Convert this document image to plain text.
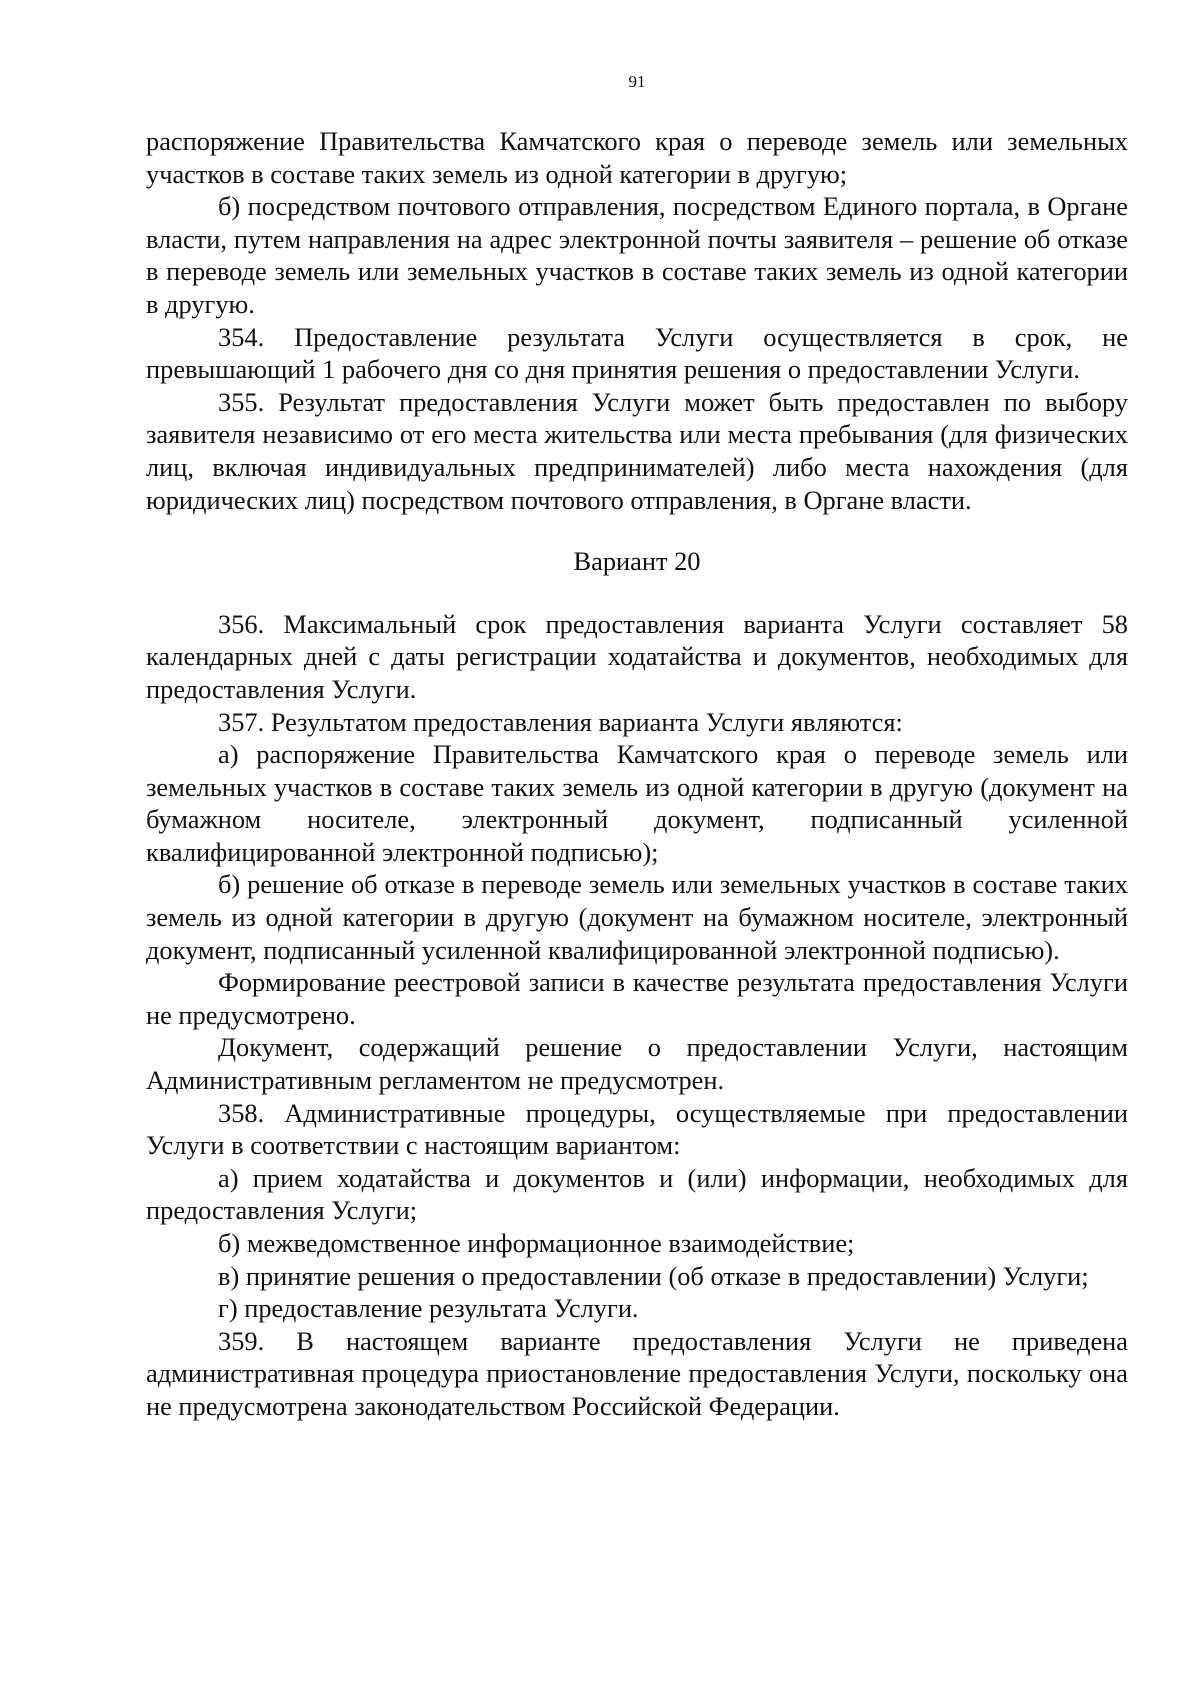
91

распоряжение Правительства Камчатского края о переводе земель или земельных участков в составе таких земель из одной категории в другую;

б) посредством почтового отправления, посредством Единого портала, в Органе власти, путем направления на адрес электронной почты заявителя – решение об отказе в переводе земель или земельных участков в составе таких земель из одной категории в другую.

354. Предоставление результата Услуги осуществляется в срок, не превышающий 1 рабочего дня со дня принятия решения о предоставлении Услуги.

355. Результат предоставления Услуги может быть предоставлен по выбору заявителя независимо от его места жительства или места пребывания (для физических лиц, включая индивидуальных предпринимателей) либо места нахождения (для юридических лиц) посредством почтового отправления, в Органе власти.

Вариант 20

356. Максимальный срок предоставления варианта Услуги составляет 58 календарных дней с даты регистрации ходатайства и документов, необходимых для предоставления Услуги.

357. Результатом предоставления варианта Услуги являются:

а) распоряжение Правительства Камчатского края о переводе земель или земельных участков в составе таких земель из одной категории в другую (документ на бумажном носителе, электронный документ, подписанный усиленной квалифицированной электронной подписью);

б) решение об отказе в переводе земель или земельных участков в составе таких земель из одной категории в другую (документ на бумажном носителе, электронный документ, подписанный усиленной квалифицированной электронной подписью).

Формирование реестровой записи в качестве результата предоставления Услуги не предусмотрено.

Документ, содержащий решение о предоставлении Услуги, настоящим Административным регламентом не предусмотрен.

358. Административные процедуры, осуществляемые при предоставлении Услуги в соответствии с настоящим вариантом:

а) прием ходатайства и документов и (или) информации, необходимых для предоставления Услуги;

б) межведомственное информационное взаимодействие;

в) принятие решения о предоставлении (об отказе в предоставлении) Услуги;

г) предоставление результата Услуги.

359. В настоящем варианте предоставления Услуги не приведена административная процедура приостановление предоставления Услуги, поскольку она не предусмотрена законодательством Российской Федерации.
